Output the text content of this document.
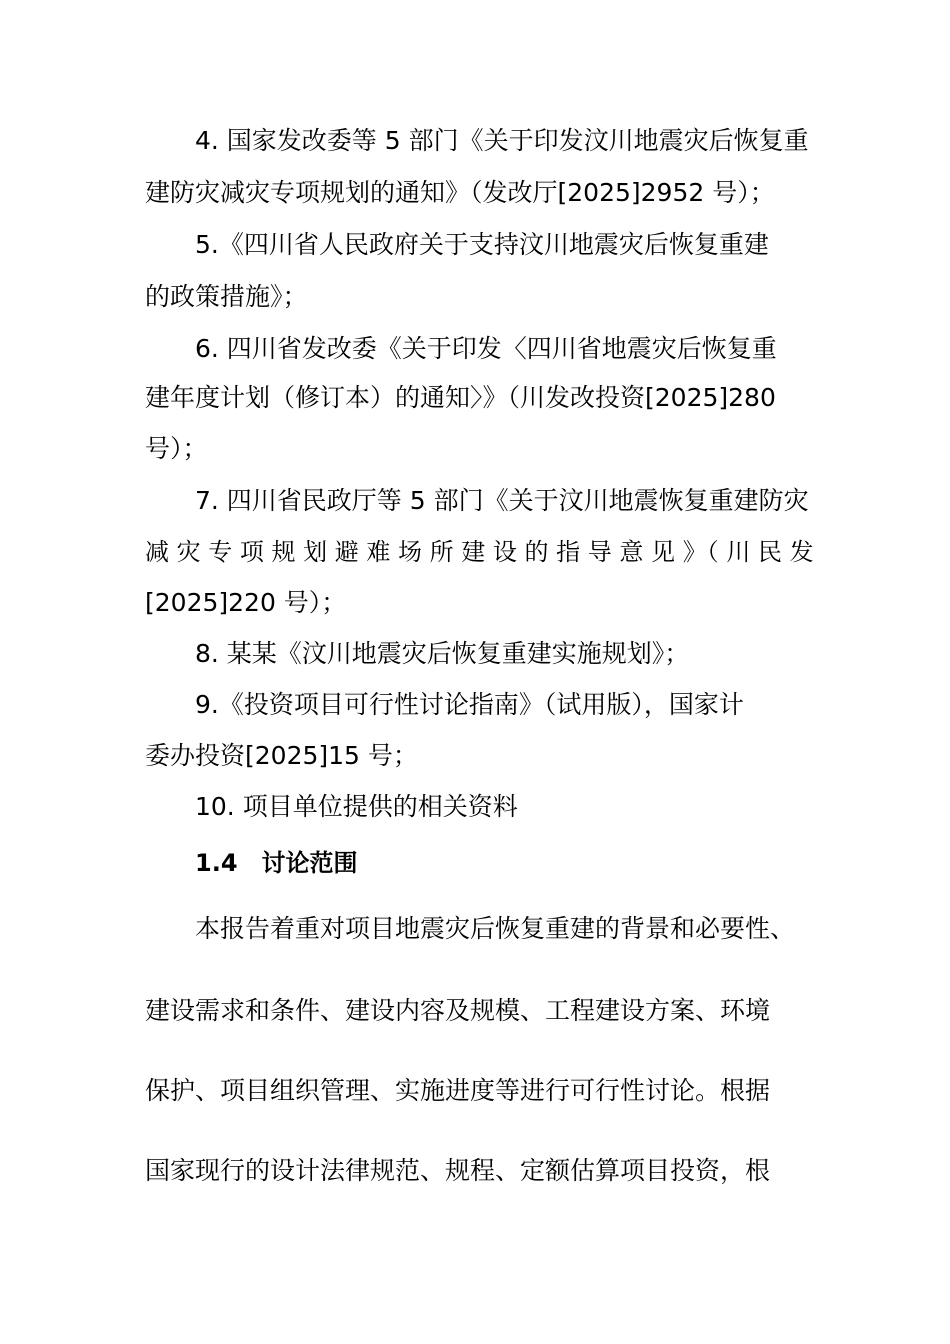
4. 国家发改委等 5 部门《关于印发汶川地震灾后恢复重
建防灾减灾专项规划的通知》（发改厅[2025]2952 号）；
5.《四川省人民政府关于支持汶川地震灾后恢复重建
的政策措施》；
6. 四川省发改委《关于印发〈四川省地震灾后恢复重
建年度计划（修订本）的通知〉》（川发改投资[2025]280
号）；
7. 四川省民政厅等 5 部门《关于汶川地震恢复重建防灾
减 灾 专 项 规 划 避 难 场 所 建 设 的 指 导 意 见 》（ 川 民 发
[2025]220 号）；
8. 某某《汶川地震灾后恢复重建实施规划》；
9.《投资项目可行性讨论指南》（试用版），国家计
委办投资[2025]15 号；
10. 项目单位提供的相关资料
1.4 讨论范围
本报告着重对项目地震灾后恢复重建的背景和必要性、
建设需求和条件、建设内容及规模、工程建设方案、环境
保护、项目组织管理、实施进度等进行可行性讨论。根据
国家现行的设计法律规范、规程、定额估算项目投资，根
